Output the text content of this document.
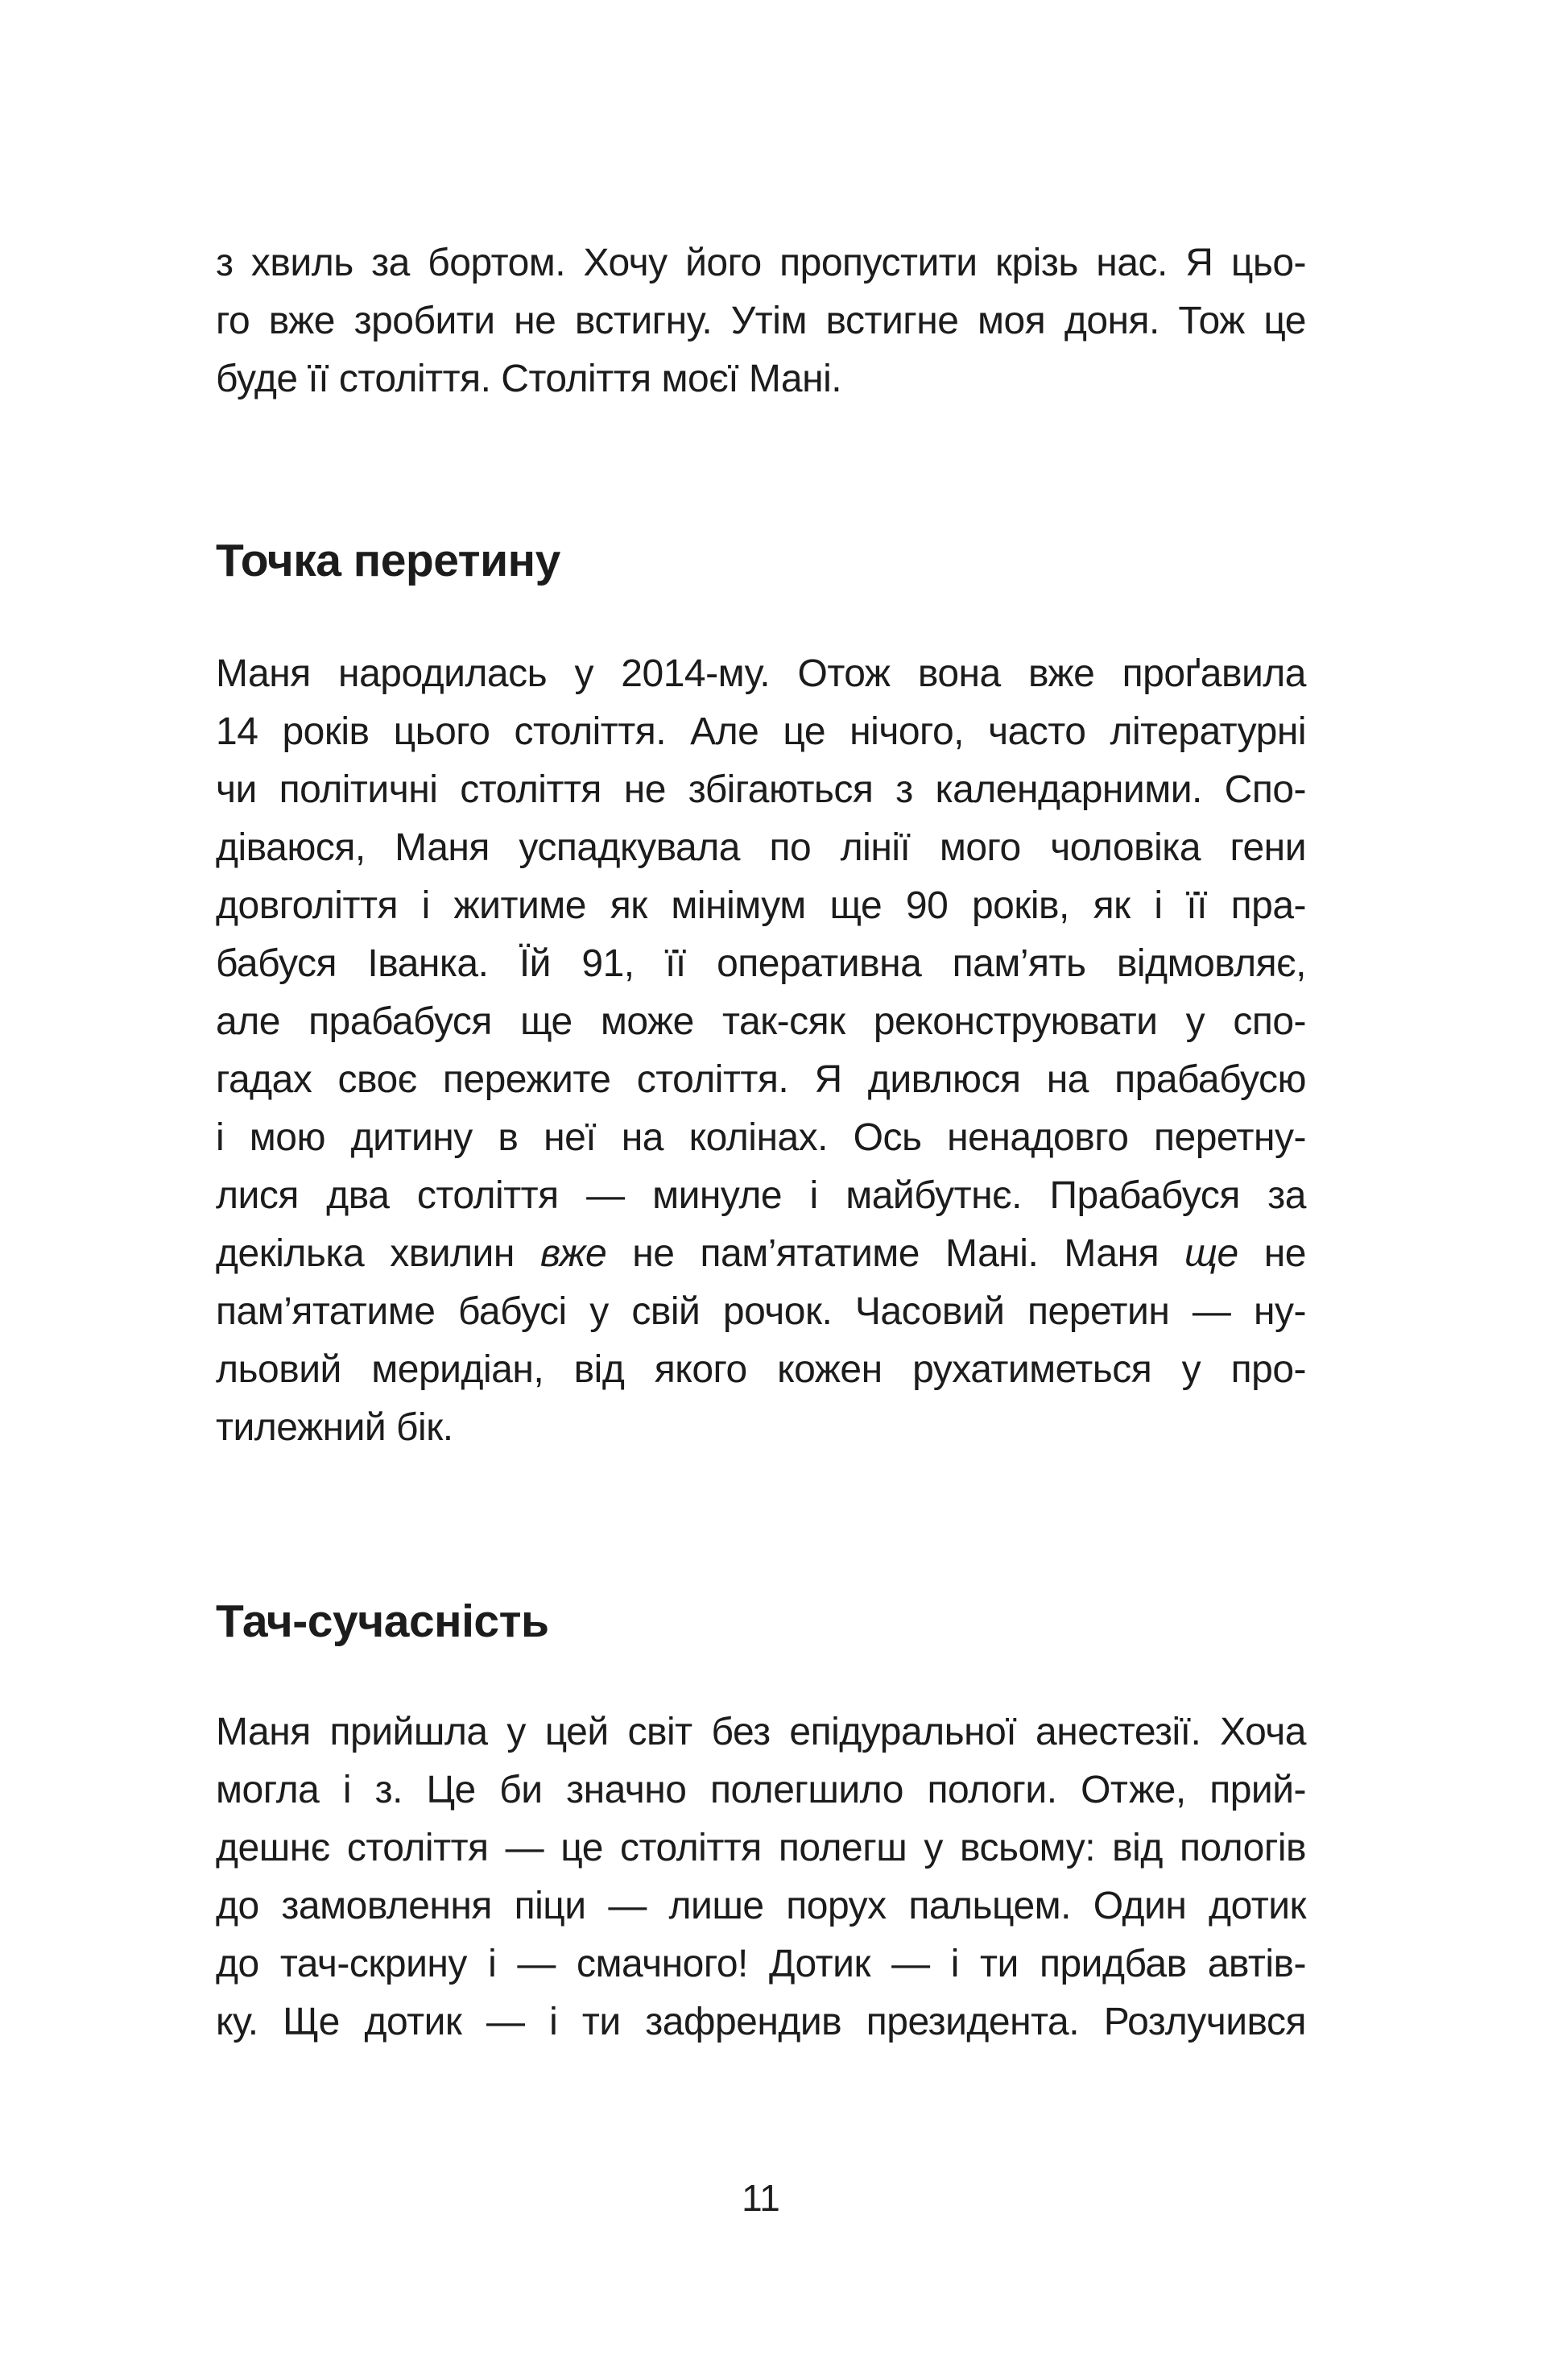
з хвиль за бортом. Хочу його пропустити крізь нас. Я цьо-
го вже зробити не встигну. Утім встигне моя доня. Тож це
буде її століття. Століття моєї Мані.
Точка перетину
Маня народилась у 2014-му. Отож вона вже проґавила
14 років цього століття. Але це нічого, часто літературні
чи політичні століття не збігаються з календарними. Спо-
діваюся, Маня успадкувала по лінії мого чоловіка гени
довголіття і житиме як мінімум ще 90 років, як і її пра-
бабуся Іванка. Їй 91, її оперативна пам’ять відмовляє,
але прабабуся ще може так-сяк реконструювати у спо-
гадах своє пережите століття. Я дивлюся на прабабусю
і мою дитину в неї на колінах. Ось ненадовго перетну-
лися два століття — минуле і майбутнє. Прабабуся за
декілька хвилин вже не пам’ятатиме Мані. Маня ще не
пам’ятатиме бабусі у свій рочок. Часовий перетин — ну-
льовий меридіан, від якого кожен рухатиметься у про-
тилежний бік.
Тач-сучасність
Маня прийшла у цей світ без епідуральної анестезії. Хоча
могла і з. Це би значно полегшило пологи. Отже, прий-
дешнє століття — це століття полегш у всьому: від пологів
до замовлення піци — лише порух пальцем. Один дотик
до тач-скрину і — смачного! Дотик — і ти придбав автів-
ку. Ще дотик — і ти зафрендив президента. Розлучився
11
